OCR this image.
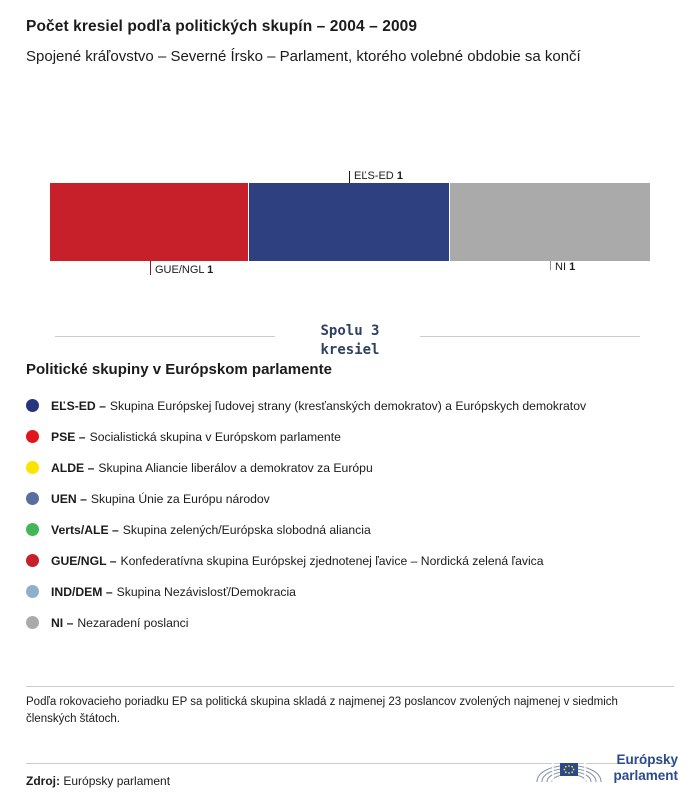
Počet kresiel podľa politických skupín – 2004 – 2009
Spojené kráľovstvo – Severné Írsko – Parlament, ktorého volebné obdobie sa končí
EĽS-ED 1
GUE/NGL 1	NI 1
Spolu 3
kresiel
Politické skupiny v Európskom parlamente
EĽS-ED – Skupina Európskej ľudovej strany (kresťanských demokratov) a Európskych demokratov
PSE – Socialistická skupina v Európskom parlamente
ALDE – Skupina Aliancie liberálov a demokratov za Európu
UEN – Skupina Únie za Európu národov
Verts/ALE – Skupina zelených/Európska slobodná aliancia
GUE/NGL – Konfederatívna skupina Európskej zjednotenej ľavice – Nordická zelená ľavica
IND/DEM – Skupina Nezávislosť/Demokracia
NI – Nezaradení poslanci
Podľa rokovacieho poriadku EP sa politická skupina skladá z najmenej 23 poslancov zvolených najmenej v siedmich členských štátoch.
Zdroj: Európsky parlament
Európsky
parlament
